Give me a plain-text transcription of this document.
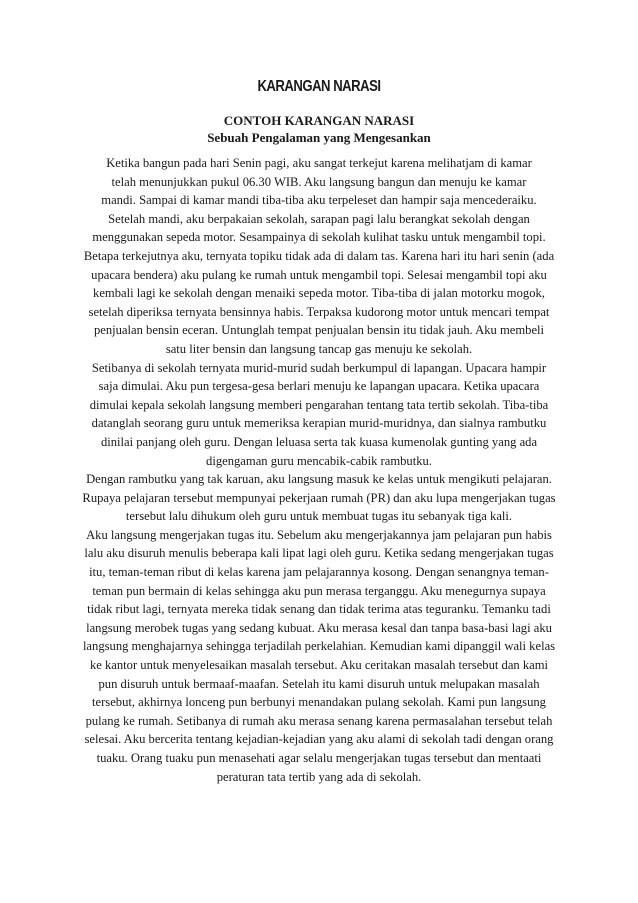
KARANGAN NARASI

CONTOH KARANGAN NARASI

Sebuah Pengalaman yang Mengesankan

Ketika bangun pada hari Senin pagi, aku sangat terkejut karena melihatjam di kamar
telah menunjukkan pukul 06.30 WIB. Aku langsung bangun dan menuju ke kamar
mandi. Sampai di kamar mandi tiba-tiba aku terpeleset dan hampir saja mencederaiku.
Setelah mandi, aku berpakaian sekolah, sarapan pagi lalu berangkat sekolah dengan
menggunakan sepeda motor. Sesampainya di sekolah kulihat tasku untuk mengambil topi.
Betapa terkejutnya aku, ternyata topiku tidak ada di dalam tas. Karena hari itu hari senin (ada
upacara bendera) aku pulang ke rumah untuk mengambil topi. Selesai mengambil topi aku
kembali lagi ke sekolah dengan menaiki sepeda motor. Tiba-tiba di jalan motorku mogok,
setelah diperiksa ternyata bensinnya habis. Terpaksa kudorong motor untuk mencari tempat
penjualan bensin eceran. Untunglah tempat penjualan bensin itu tidak jauh. Aku membeli
satu liter bensin dan langsung tancap gas menuju ke sekolah.
Setibanya di sekolah ternyata murid-murid sudah berkumpul di lapangan. Upacara hampir
saja dimulai. Aku pun tergesa-gesa berlari menuju ke lapangan upacara. Ketika upacara
dimulai kepala sekolah langsung memberi pengarahan tentang tata tertib sekolah. Tiba-tiba
datanglah seorang guru untuk memeriksa kerapian murid-muridnya, dan sialnya rambutku
dinilai panjang oleh guru. Dengan leluasa serta tak kuasa kumenolak gunting yang ada
digengaman guru mencabik-cabik rambutku.
Dengan rambutku yang tak karuan, aku langsung masuk ke kelas untuk mengikuti pelajaran.
Rupaya pelajaran tersebut mempunyai pekerjaan rumah (PR) dan aku lupa mengerjakan tugas
tersebut lalu dihukum oleh guru untuk membuat tugas itu sebanyak tiga kali.
Aku langsung mengerjakan tugas itu. Sebelum aku mengerjakannya jam pelajaran pun habis
lalu aku disuruh menulis beberapa kali lipat lagi oleh guru. Ketika sedang mengerjakan tugas
itu, teman-teman ribut di kelas karena jam pelajarannya kosong. Dengan senangnya teman-
teman pun bermain di kelas sehingga aku pun merasa terganggu. Aku menegurnya supaya
tidak ribut lagi, ternyata mereka tidak senang dan tidak terima atas teguranku. Temanku tadi
langsung merobek tugas yang sedang kubuat. Aku merasa kesal dan tanpa basa-basi lagi aku
langsung menghajarnya sehingga terjadilah perkelahian. Kemudian kami dipanggil wali kelas
ke kantor untuk menyelesaikan masalah tersebut. Aku ceritakan masalah tersebut dan kami
pun disuruh untuk bermaaf-maafan. Setelah itu kami disuruh untuk melupakan masalah
tersebut, akhirnya lonceng pun berbunyi menandakan pulang sekolah. Kami pun langsung
pulang ke rumah. Setibanya di rumah aku merasa senang karena permasalahan tersebut telah
selesai. Aku bercerita tentang kejadian-kejadian yang aku alami di sekolah tadi dengan orang
tuaku. Orang tuaku pun menasehati agar selalu mengerjakan tugas tersebut dan mentaati
peraturan tata tertib yang ada di sekolah.
